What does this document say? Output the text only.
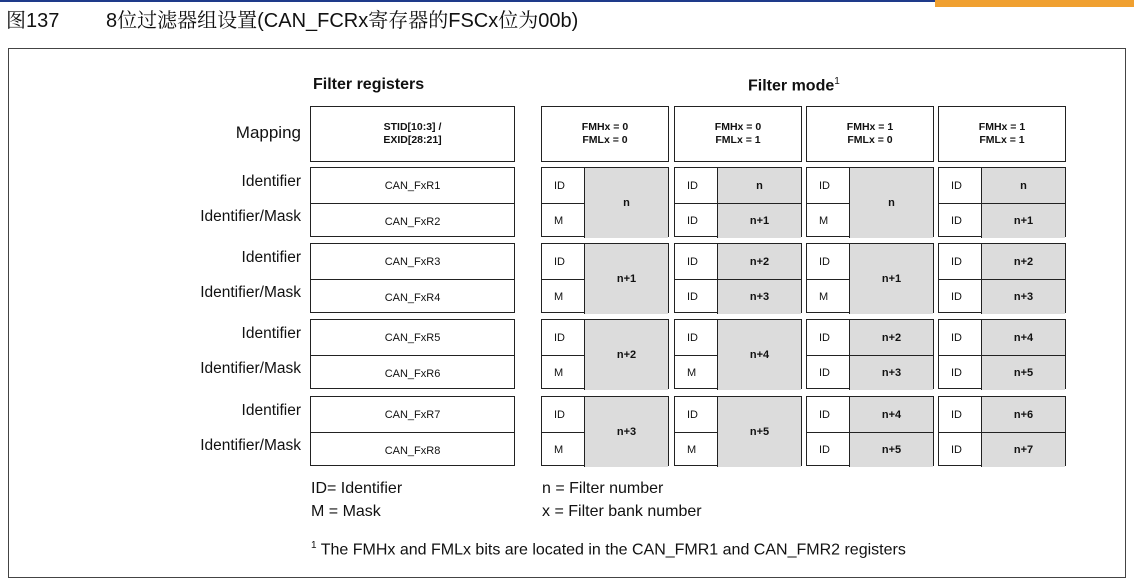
图137 8位过滤器组设置(CAN_FCRx寄存器的FSCx位为00b)
Filter registers	Filter mode$^1$
Mapping	STID[10:3] /
EXID[28:21]
FMHx = 0
FMLx = 0
FMHx = 0
FMLx = 1
FMHx = 1
FMLx = 0
FMHx = 1
FMLx = 1
Identifier
Identifier/Mask
CAN_FxR1
CAN_FxR2
ID
M
n
ID
ID
n
n+1
ID
M
n
ID
ID
n
n+1
Identifier
Identifier/Mask
CAN_FxR3
CAN_FxR4
ID
M
n+1
ID
ID
n+2
n+3
ID
M
n+1
ID
ID
n+2
n+3
Identifier
Identifier/Mask
CAN_FxR5
CAN_FxR6
ID
M
n+2
ID
M
n+4
ID
ID
n+2
n+3
ID
ID
n+4
n+5
Identifier
Identifier/Mask
CAN_FxR7
CAN_FxR8
ID
M
n+3
ID
M
n+5
ID
ID
n+4
n+5
ID
ID
n+6
n+7
ID= Identifier
M = Mask
n = Filter number
x = Filter bank number
$^1$ The FMHx and FMLx bits are located in the CAN_FMR1 and CAN_FMR2 registers
